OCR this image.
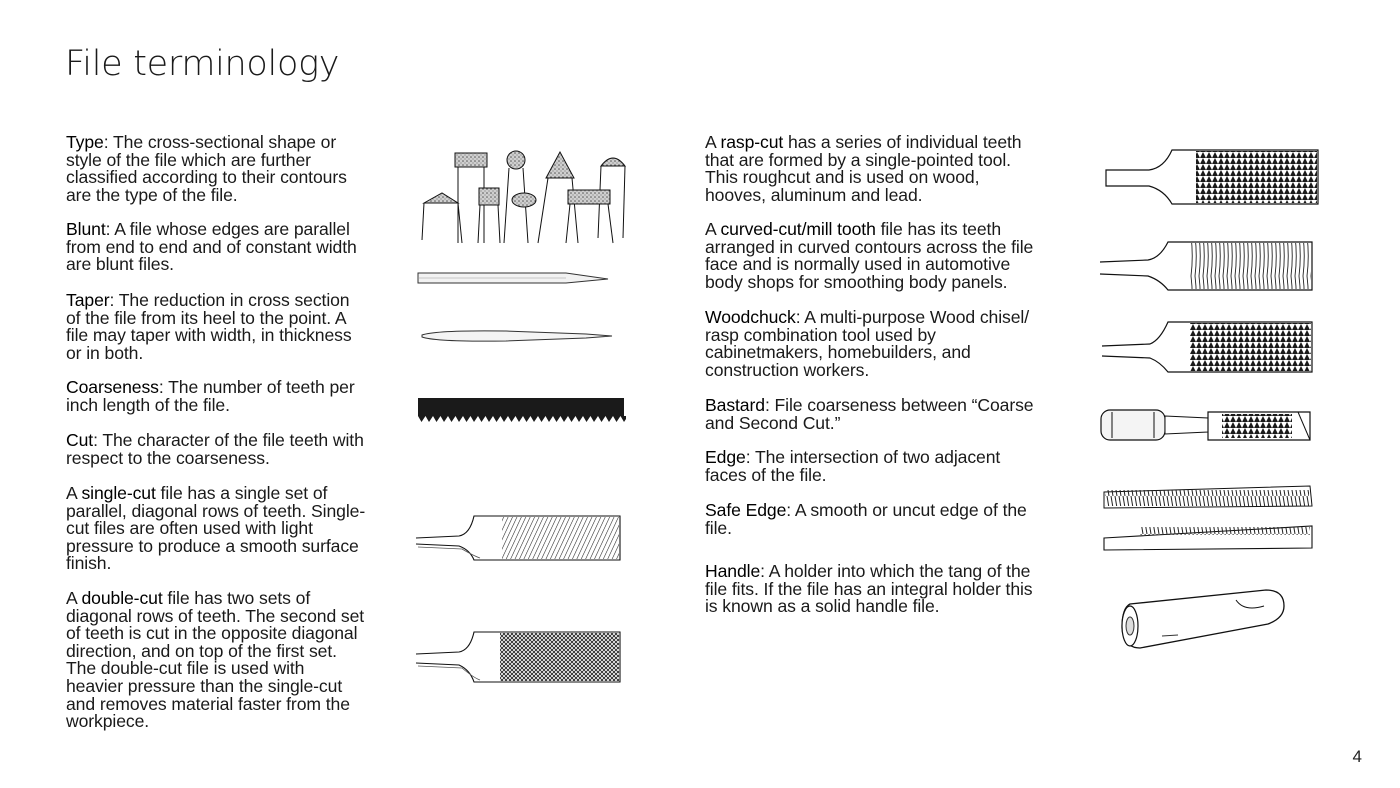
File terminology
Type: The cross-sectional shape or style of the file which are further classified according to their contours are the type of the file.
Blunt: A file whose edges are parallel from end to end and of constant width are blunt files.
Taper: The reduction in cross section of the file from its heel to the point. A file may taper with width, in thickness or in both.
Coarseness: The number of teeth per inch length of the file.
Cut: The character of the file teeth with respect to the coarseness.
A single-cut file has a single set of parallel, diagonal rows of teeth. Single-cut files are often used with light pressure to produce a smooth surface finish.
A double-cut file has two sets of diagonal rows of teeth. The second set of teeth is cut in the opposite diagonal direction, and on top of the first set. The double-cut file is used with heavier pressure than the single-cut and removes material faster from the workpiece.
A rasp-cut has a series of individual teeth that are formed by a single-pointed tool. This roughcut and is used on wood, hooves, aluminum and lead.
A curved-cut/mill tooth file has its teeth arranged in curved contours across the file face and is normally used in automotive body shops for smoothing body panels.
Woodchuck: A multi-purpose Wood chisel/ rasp combination tool used by cabinetmakers, homebuilders, and construction workers.
Bastard: File coarseness between “Coarse and Second Cut.”
Edge: The intersection of two adjacent faces of the file.
Safe Edge: A smooth or uncut edge of the file.
Handle: A holder into which the tang of the file fits. If the file has an integral holder this is known as a solid handle file.
4
